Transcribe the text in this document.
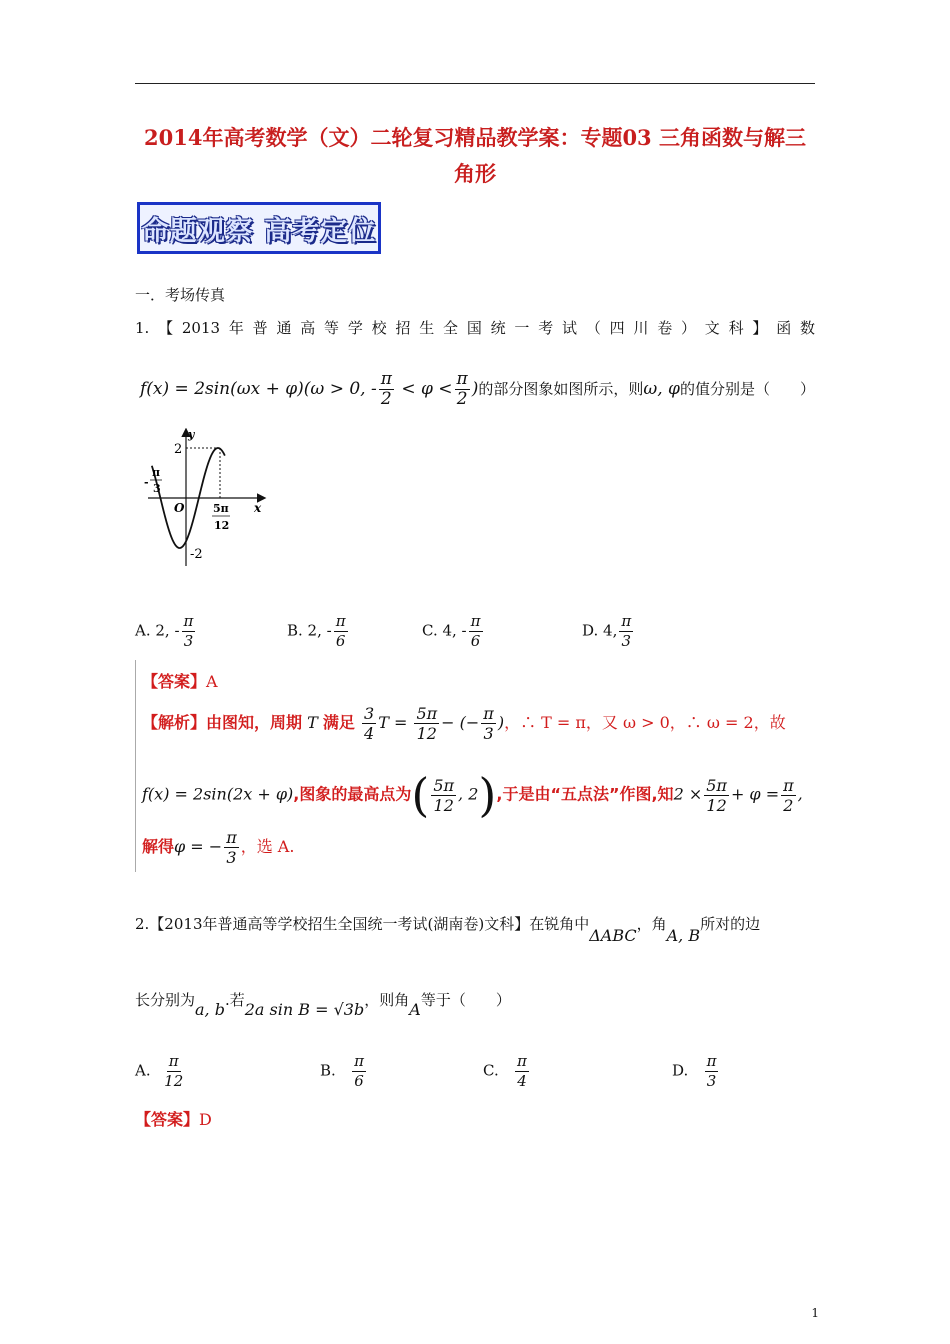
2014年高考数学（文）二轮复习精品教学案：专题03 三角函数与解三角形
命题观察 高考定位
一．考场传真
1. 【 2013 年 普 通 高 等 学 校 招 生 全 国 统 一 考 试 （ 四 川 卷 ） 文 科 】 函 数
f(x) = 2sin(ωx + φ)(ω > 0, - $\frac{\pi}{2} < \varphi < \frac{\pi}{2}$ )的部分图象如图所示，则ω, φ的值分别是（　　）
2
-2
y
x
O
π
- 3
5π
12
A. 2, - $\frac{\pi}{3}$	B. 2, - $\frac{\pi}{6}$	C. 4, - $\frac{\pi}{6}$	D. 4, $\frac{\pi}{3}$
【答案】A
【解析】由图知，周期 T 满足 $\frac{3}{4}$ $T = \frac{5\pi}{12}$ − (− $\frac{\pi}{3}$ )，∴ T = π，又 ω > 0，∴ ω = 2，故
f(x) = 2sin(2x + φ),图象的最高点为( $\frac{5\pi}{12}$ , 2),于是由“五点法”作图,知$2 \times \frac{5\pi}{12} + \varphi = \frac{\pi}{2}$ ,
解得φ = − $\frac{\pi}{3}$ ，选 A.
2.【2013年普通高等学校招生全国统一考试(湖南卷)文科】在锐角中ΔABC，角A, B所对的边
长分别为a, b.若2a sin B = √3b，则角A等于（　　）
A. $\frac{\pi}{12}$	B. $\frac{\pi}{6}$	C. $\frac{\pi}{4}$	D. $\frac{\pi}{3}$
【答案】D
1
